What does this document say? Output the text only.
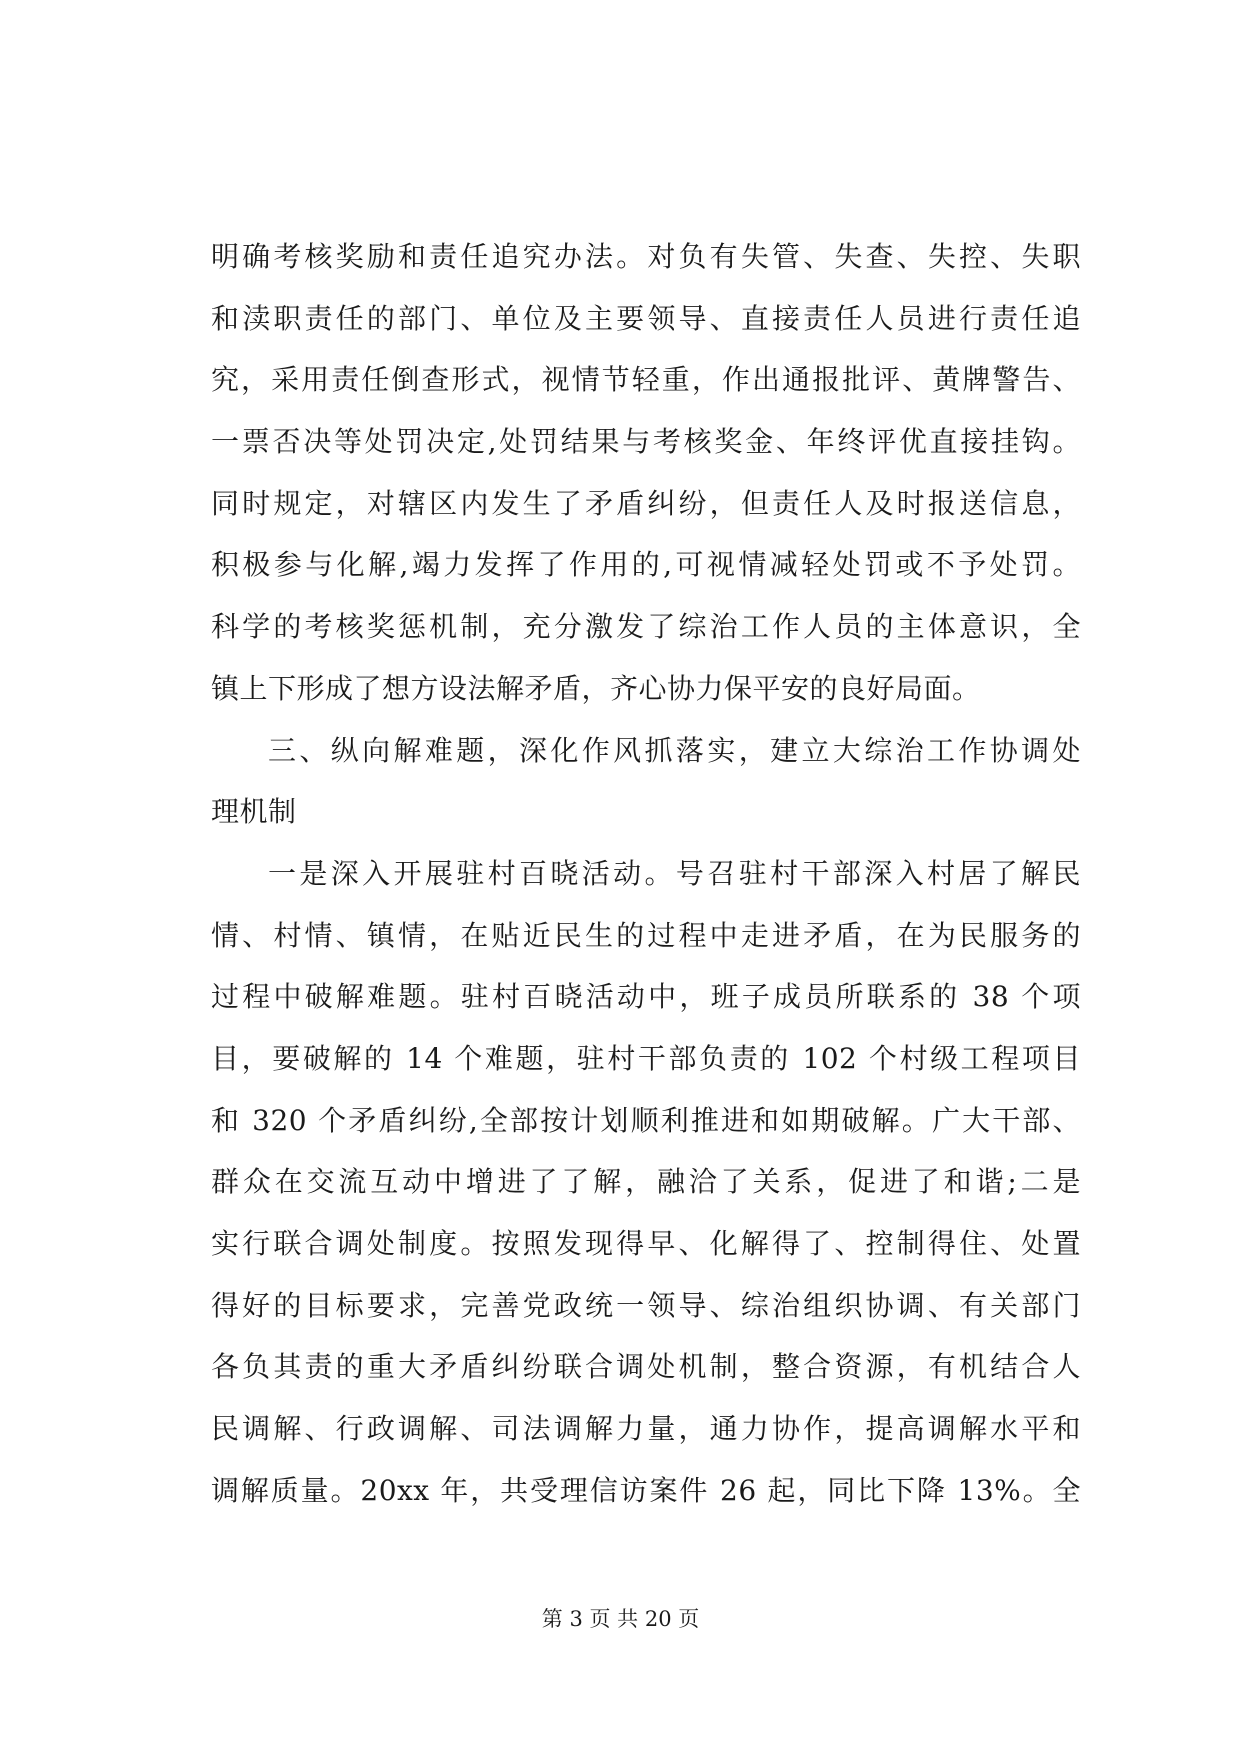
明确考核奖励和责任追究办法。对负有失管、失查、失控、失职
和渎职责任的部门、单位及主要领导、直接责任人员进行责任追
究，采用责任倒查形式，视情节轻重，作出通报批评、黄牌警告、
一票否决等处罚决定,处罚结果与考核奖金、年终评优直接挂钩。
同时规定，对辖区内发生了矛盾纠纷，但责任人及时报送信息，
积极参与化解,竭力发挥了作用的,可视情减轻处罚或不予处罚。
科学的考核奖惩机制，充分激发了综治工作人员的主体意识，全
镇上下形成了想方设法解矛盾，齐心协力保平安的良好局面。
三、纵向解难题，深化作风抓落实，建立大综治工作协调处
理机制
一是深入开展驻村百晓活动。号召驻村干部深入村居了解民
情、村情、镇情，在贴近民生的过程中走进矛盾，在为民服务的
过程中破解难题。驻村百晓活动中，班子成员所联系的 38 个项
目，要破解的 14 个难题，驻村干部负责的 102 个村级工程项目
和 320 个矛盾纠纷,全部按计划顺利推进和如期破解。广大干部、
群众在交流互动中增进了了解，融洽了关系，促进了和谐;二是
实行联合调处制度。按照发现得早、化解得了、控制得住、处置
得好的目标要求，完善党政统一领导、综治组织协调、有关部门
各负其责的重大矛盾纠纷联合调处机制，整合资源，有机结合人
民调解、行政调解、司法调解力量，通力协作，提高调解水平和
调解质量。20xx 年，共受理信访案件 26 起，同比下降 13%。全
第 3 页 共 20 页
